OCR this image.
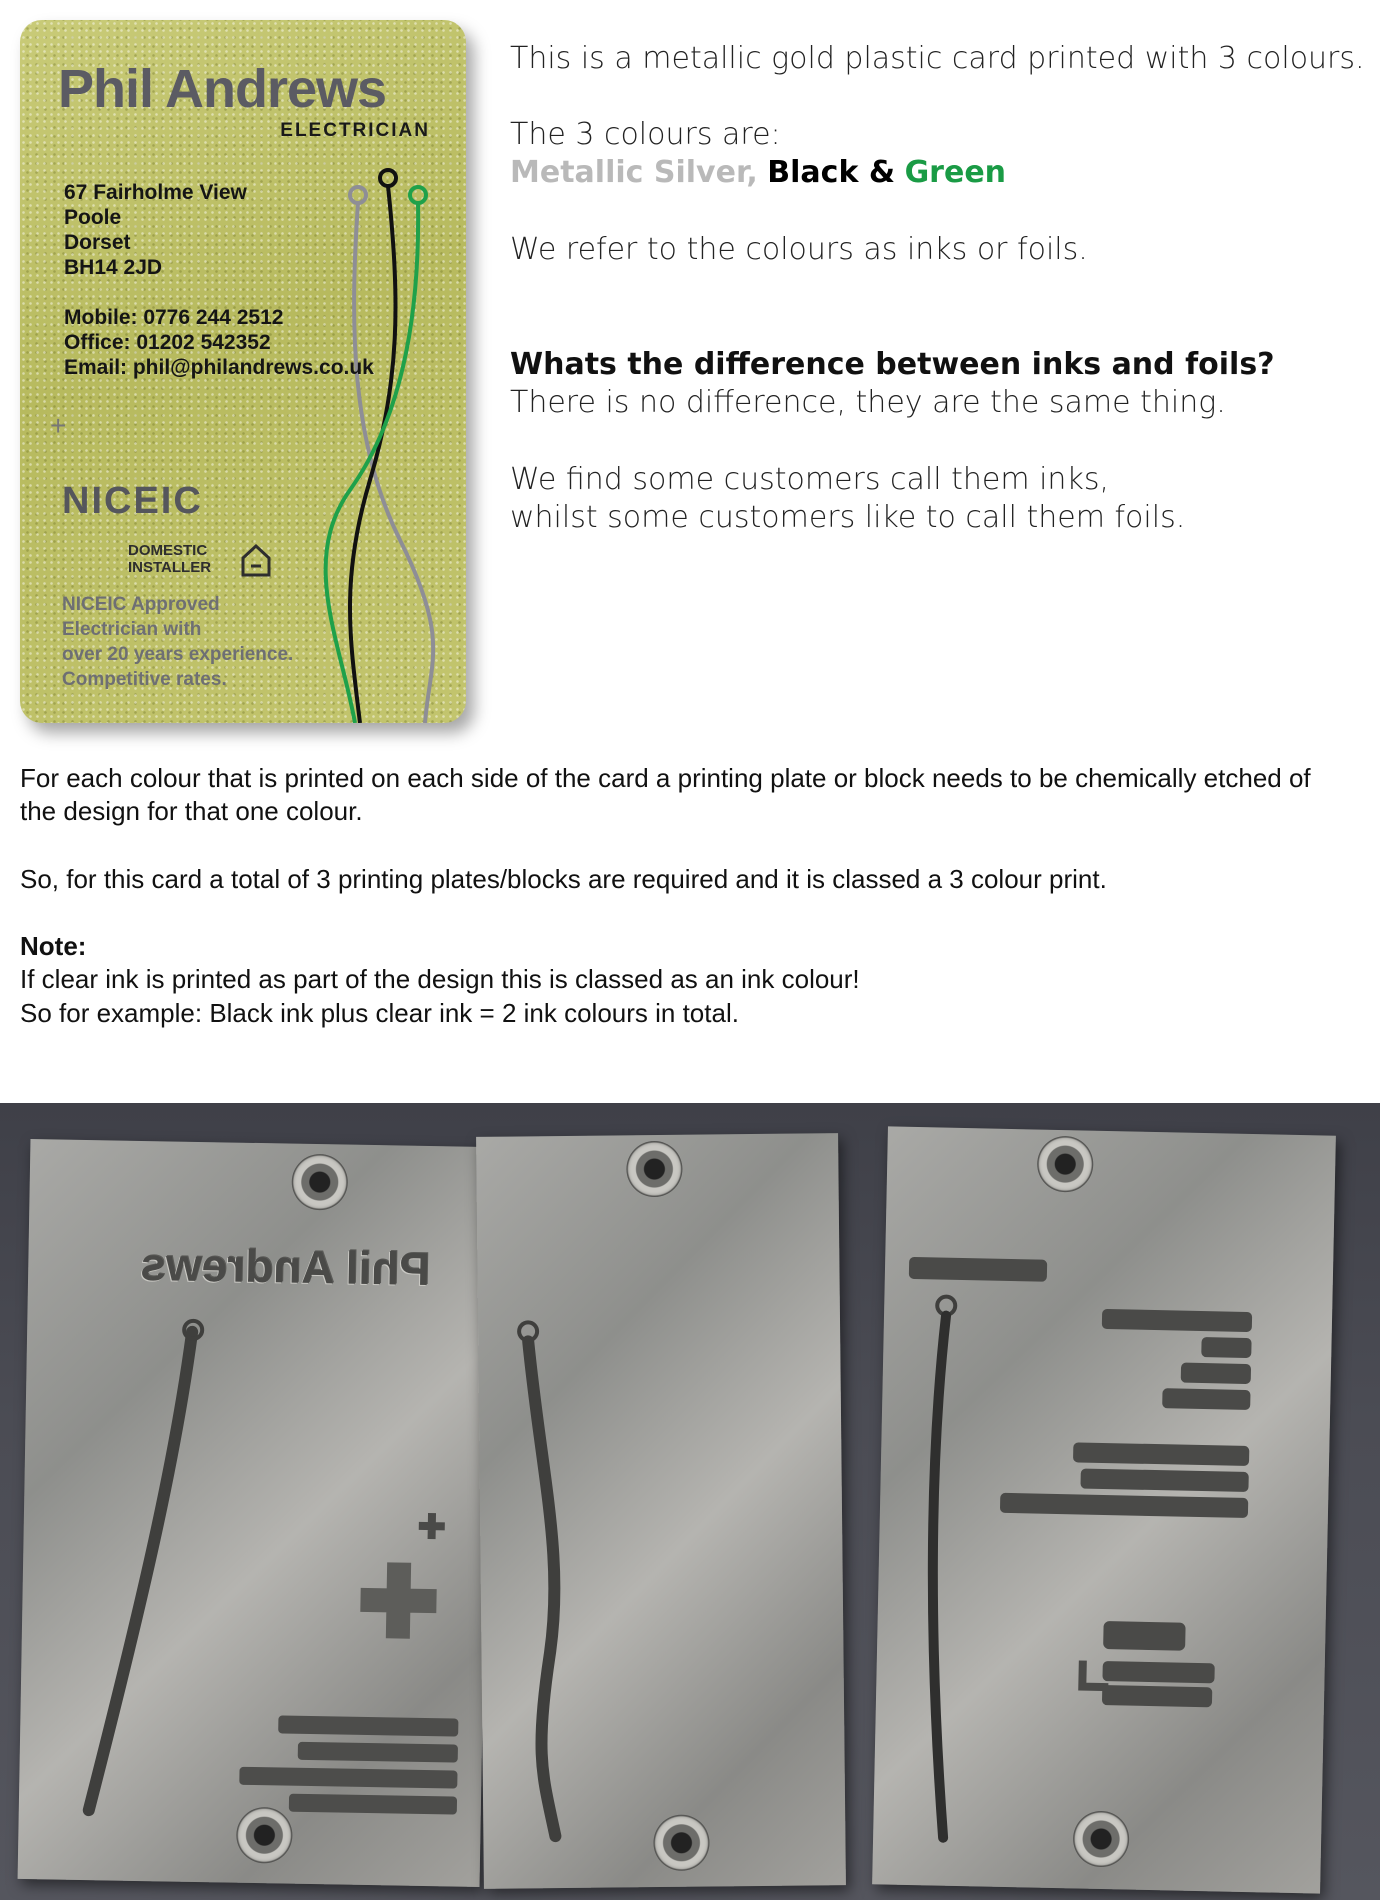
Phil Andrews
ELECTRICIAN
67 Fairholme View
Poole
Dorset
BH14 2JD
Mobile: 0776 244 2512
Office: 01202 542352
Email: phil@philandrews.co.uk
+
NICEIC
DOMESTIC
INSTALLER
NICEIC Approved
Electrician with
over 20 years experience.
Competitive rates.
This is a metallic gold plastic card printed with 3 colours.
The 3 colours are:
Metallic Silver, Black & Green
We refer to the colours as inks or foils.
Whats the difference between inks and foils?
There is no difference, they are the same thing.
We find some customers call them inks,
whilst some customers like to call them foils.
For each colour that is printed on each side of the card a printing plate or block needs to be chemically etched of the design for that one colour.
So, for this card a total of 3 printing plates/blocks are required and it is classed a 3 colour print.
Note:
If clear ink is printed as part of the design this is classed as an ink colour!
So for example: Black ink plus clear ink = 2 ink colours in total.
Phil Andrews
